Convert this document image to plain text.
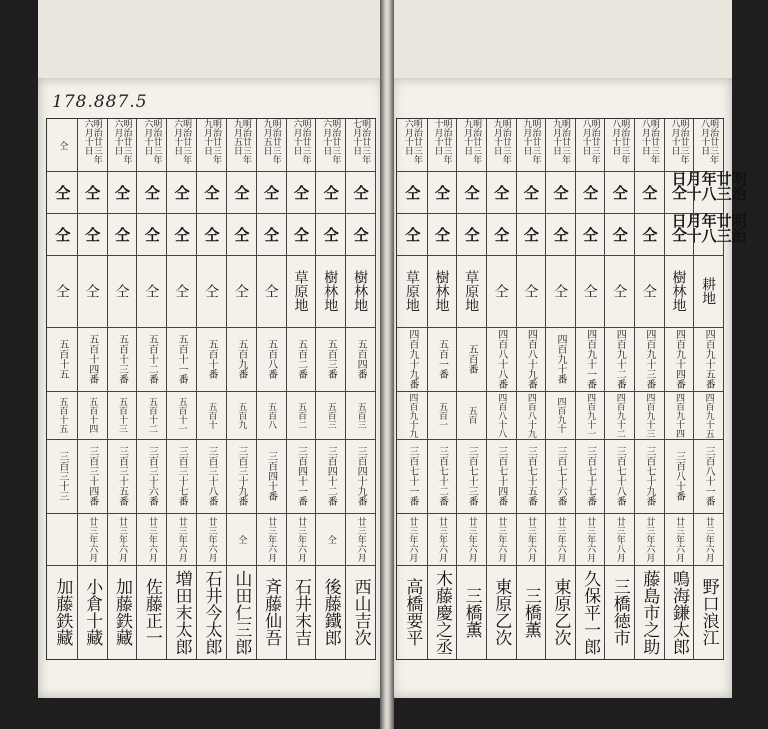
178.887.5
明治廿三年七月十日
仝
仝
樹林地
五百四番
五百三
三百四十九番
廿三年六月
西山吉次
明治廿三年六月十日
仝
仝
樹林地
五百三番
五百三
三百四十二番
仝
後藤鐵郎
明治廿三年六月十日
仝
仝
草原地
五百二番
五百二
三百四十一番
廿三年六月
石井末吉
明治廿三年九月五日
仝
仝
仝
五百八番
五百八
三百四十番
廿三年六月
斉藤仙吾
明治廿三年九月五日
仝
仝
仝
五百九番
五百九
三百三十九番
仝
山田仁三郎
明治廿三年九月十日
仝
仝
仝
五百十番
五百十
三百三十八番
廿三年六月
石井今太郎
明治廿三年六月十日
仝
仝
仝
五百十一番
五百十一
三百三十七番
廿三年六月
増田末太郎
明治廿三年六月十日
仝
仝
仝
五百十二番
五百十二
三百三十六番
廿三年六月
佐藤正一
明治廿三年六月十日
仝
仝
仝
五百十三番
五百十三
三百三十五番
廿三年六月
加藤鉄藏
明治廿三年六月十日
仝
仝
仝
五百十四番
五百十四
三百三十四番
廿三年六月
小倉十藏
仝
仝
仝
仝
五百十五
五百十五
三百三十三
加藤鉄藏
明治廿三年八月十日
明治廿三年八月十日
明治廿三年八月十日
耕地
四百九十五番
四百九十五
三百八十一番
廿三年六月
野口浪江
明治廿三年八月十日
仝
仝
樹林地
四百九十四番
四百九十四
三百八十番
廿三年六月
鳴海鎌太郎
明治廿三年八月十日
仝
仝
仝
四百九十三番
四百九十三
三百七十九番
廿三年六月
藤島市之助
明治廿三年八月十日
仝
仝
仝
四百九十二番
四百九十二
三百七十八番
廿三年八月
三橋徳市
明治廿三年八月十日
仝
仝
仝
四百九十一番
四百九十一
三百七十七番
廿三年六月
久保平一郎
明治廿三年九月十日
仝
仝
仝
四百九十番
四百九十
三百七十六番
廿三年六月
東原乙次
明治廿三年九月十日
仝
仝
仝
四百八十九番
四百八十九
三百七十五番
廿三年六月
三橋薫
明治廿三年九月十日
仝
仝
仝
四百八十八番
四百八十八
三百七十四番
廿三年六月
東原乙次
明治廿三年九月十日
仝
仝
草原地
五百番
五百
三百七十三番
廿三年六月
三橋薫
明治廿三年十月十日
仝
仝
樹林地
五百一番
五百一
三百七十二番
廿三年六月
木藤慶之丞
明治廿三年六月十日
仝
仝
草原地
四百九十九番
四百九十九
三百七十一番
廿三年六月
高橋要平
